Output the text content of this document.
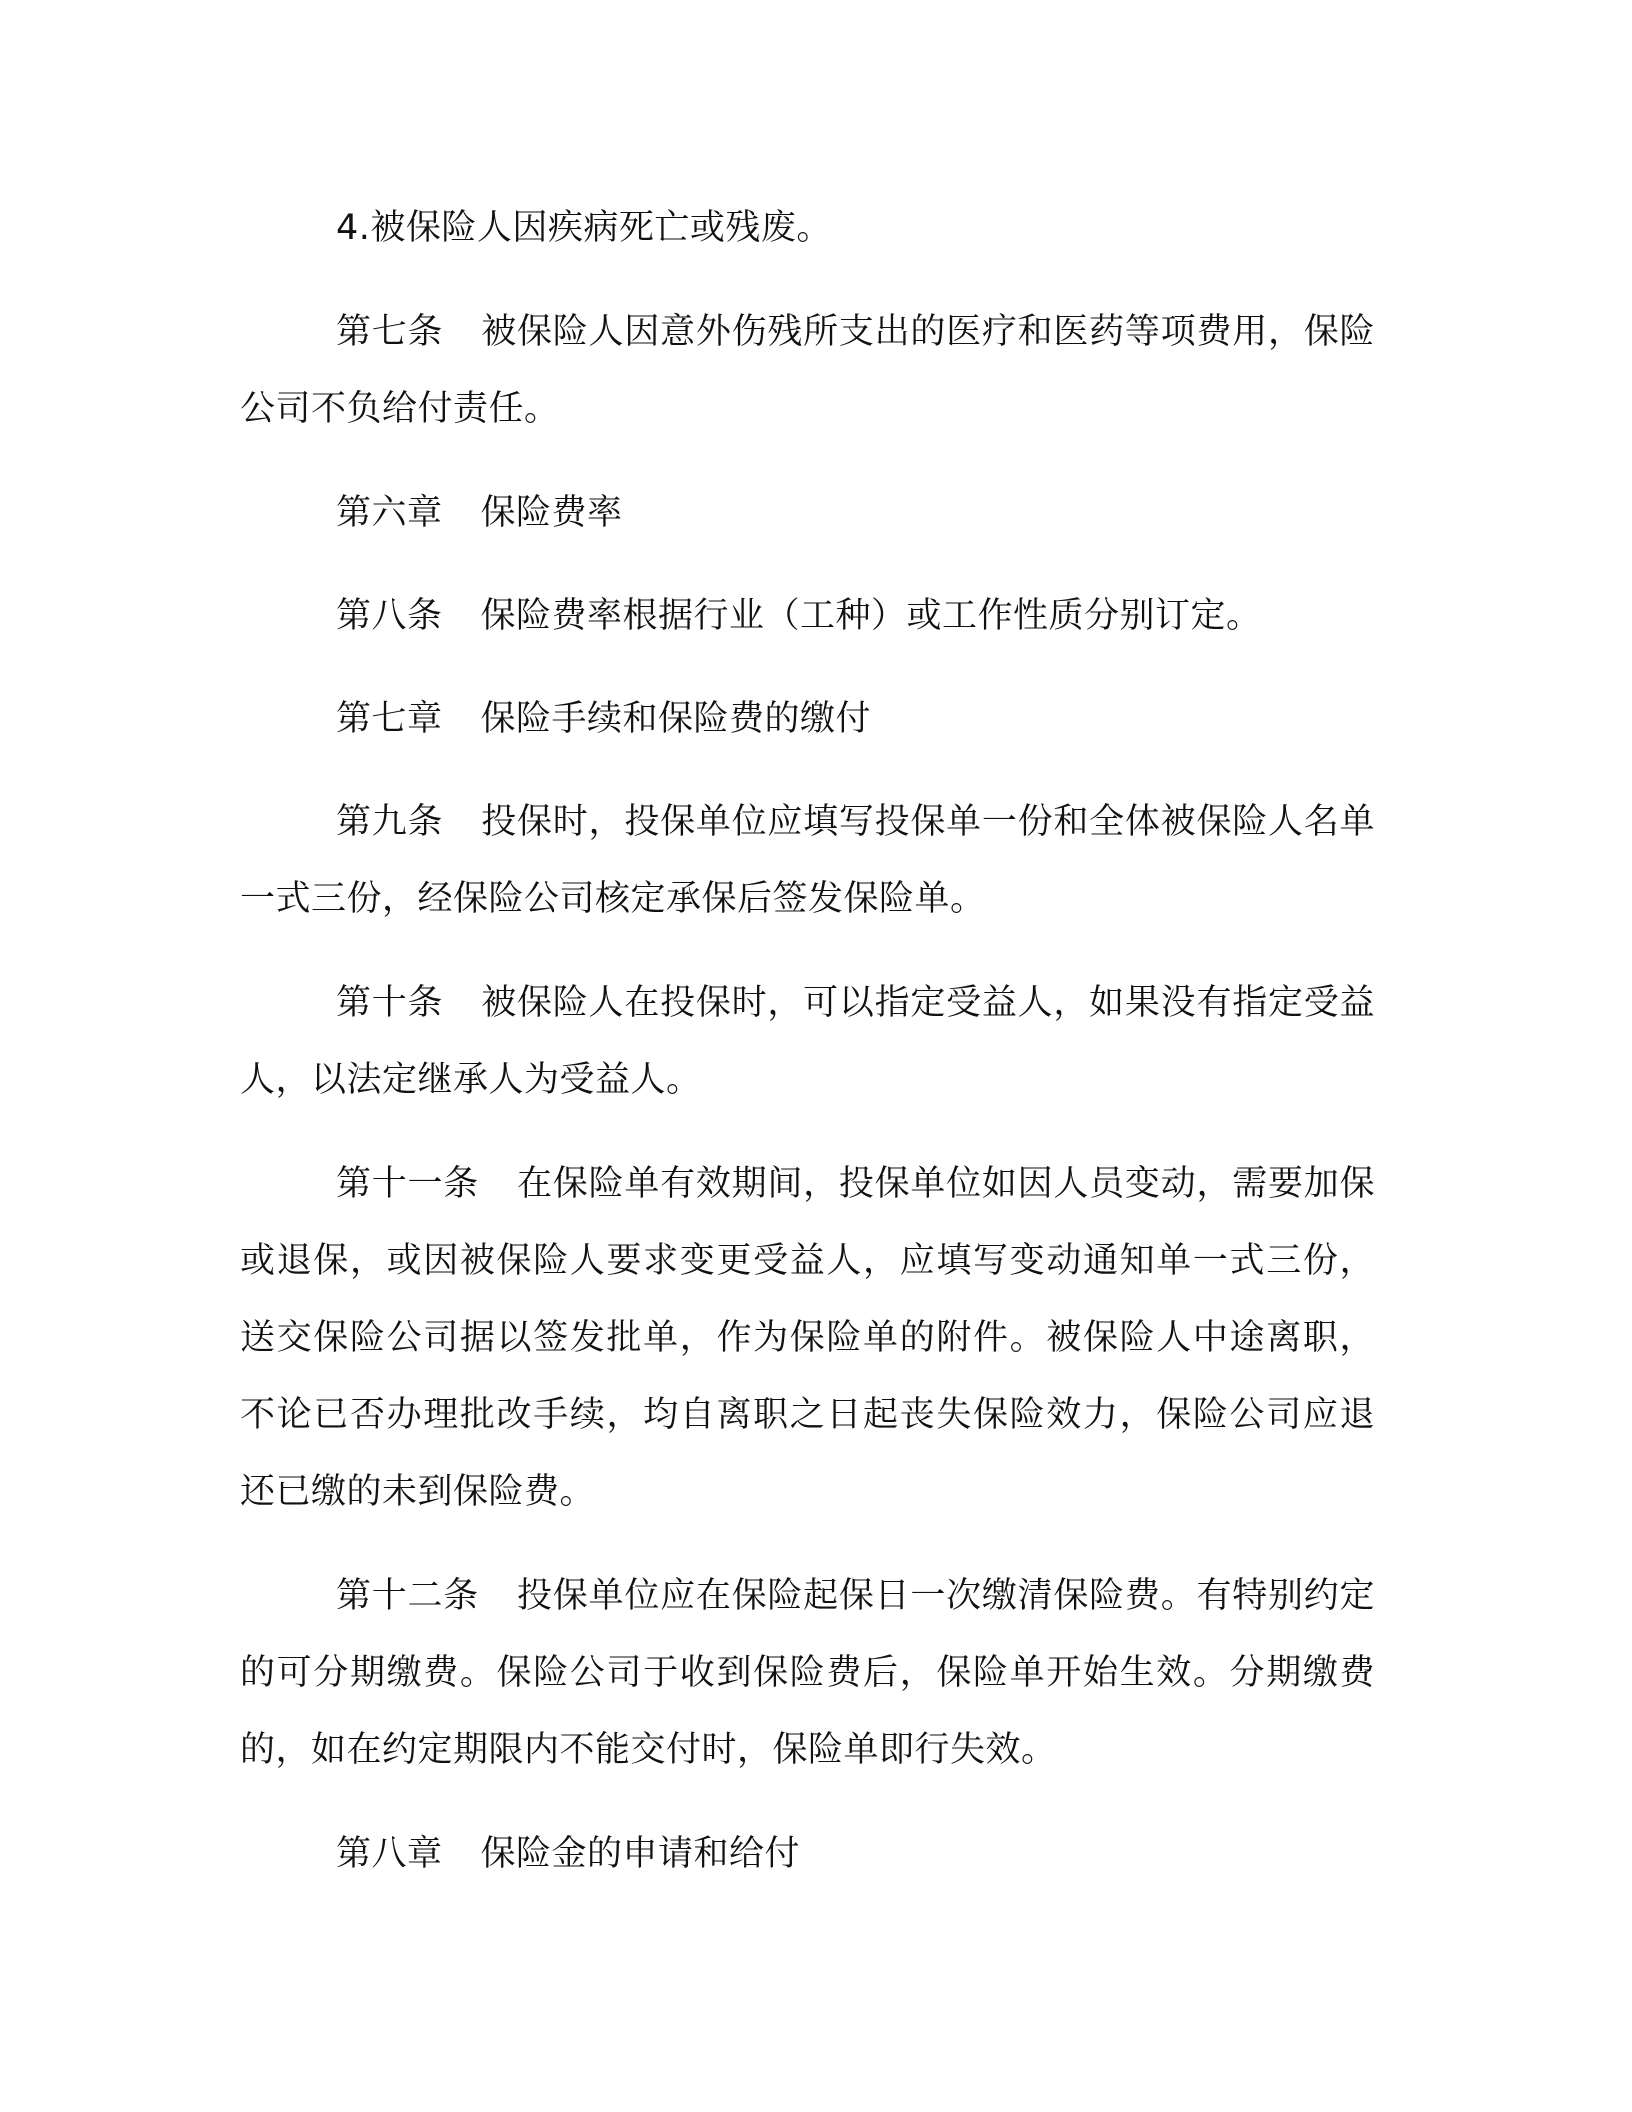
4.被保险人因疾病死亡或残废。

第七条 被保险人因意外伤残所支出的医疗和医药等项费用，保险公司不负给付责任。

第六章 保险费率

第八条 保险费率根据行业（工种）或工作性质分别订定。

第七章 保险手续和保险费的缴付

第九条 投保时，投保单位应填写投保单一份和全体被保险人名单一式三份，经保险公司核定承保后签发保险单。

第十条 被保险人在投保时，可以指定受益人，如果没有指定受益人，以法定继承人为受益人。

第十一条 在保险单有效期间，投保单位如因人员变动，需要加保或退保，或因被保险人要求变更受益人，应填写变动通知单一式三份，送交保险公司据以签发批单，作为保险单的附件。被保险人中途离职，不论已否办理批改手续，均自离职之日起丧失保险效力，保险公司应退还已缴的未到保险费。

第十二条 投保单位应在保险起保日一次缴清保险费。有特别约定的可分期缴费。保险公司于收到保险费后，保险单开始生效。分期缴费的，如在约定期限内不能交付时，保险单即行失效。

第八章 保险金的申请和给付
